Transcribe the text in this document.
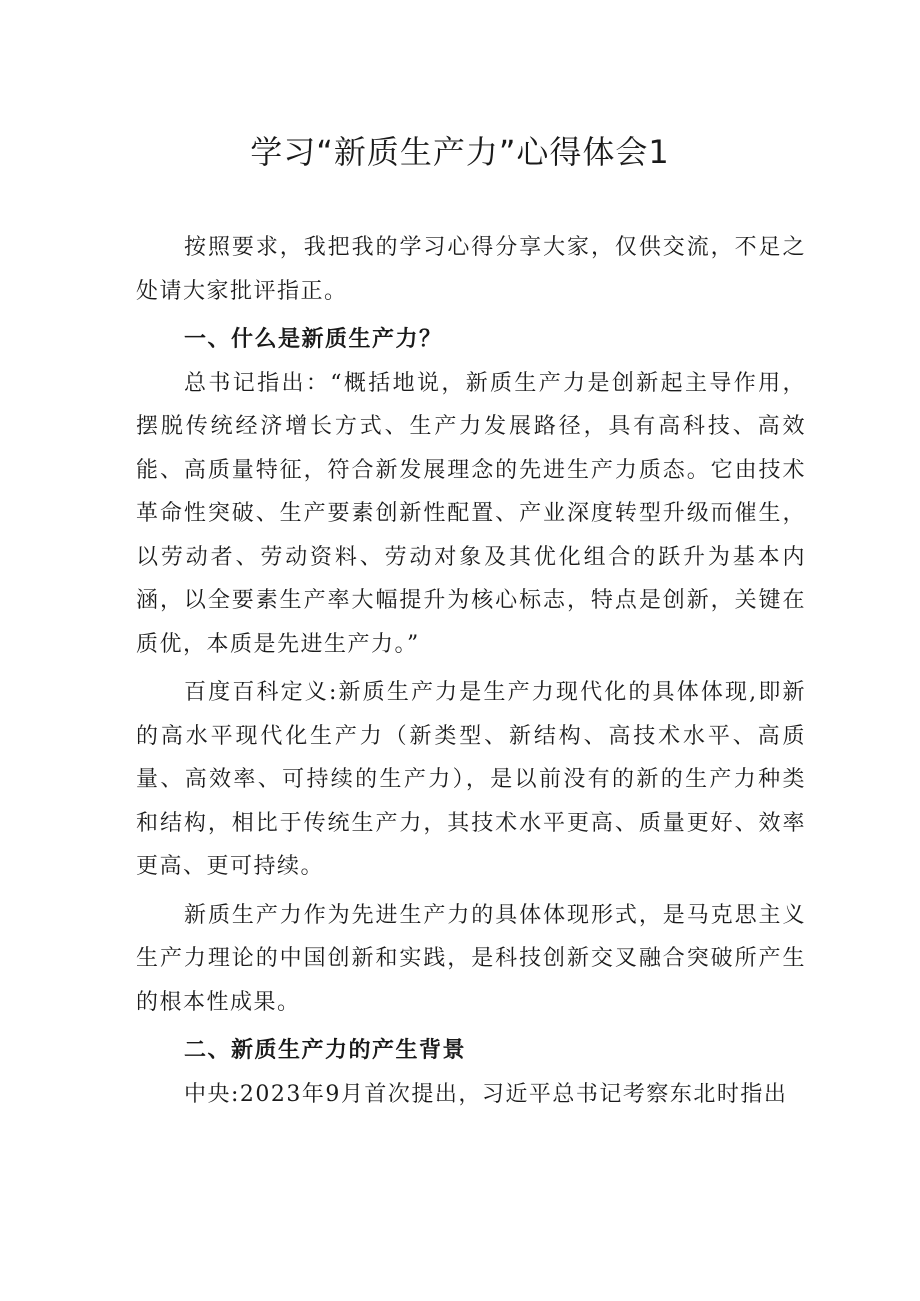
学习“新质生产力”心得体会1

按照要求，我把我的学习心得分享大家，仅供交流，不足之处请大家批评指正。

一、什么是新质生产力？

总书记指出：“概括地说，新质生产力是创新起主导作用，摆脱传统经济增长方式、生产力发展路径，具有高科技、高效能、高质量特征，符合新发展理念的先进生产力质态。它由技术革命性突破、生产要素创新性配置、产业深度转型升级而催生，以劳动者、劳动资料、劳动对象及其优化组合的跃升为基本内涵，以全要素生产率大幅提升为核心标志，特点是创新，关键在质优，本质是先进生产力。”

百度百科定义:新质生产力是生产力现代化的具体体现,即新的高水平现代化生产力（新类型、新结构、高技术水平、高质量、高效率、可持续的生产力），是以前没有的新的生产力种类和结构，相比于传统生产力，其技术水平更高、质量更好、效率更高、更可持续。

新质生产力作为先进生产力的具体体现形式，是马克思主义生产力理论的中国创新和实践，是科技创新交叉融合突破所产生的根本性成果。

二、新质生产力的产生背景

中央:2023年9月首次提出，习近平总书记考察东北时指出
